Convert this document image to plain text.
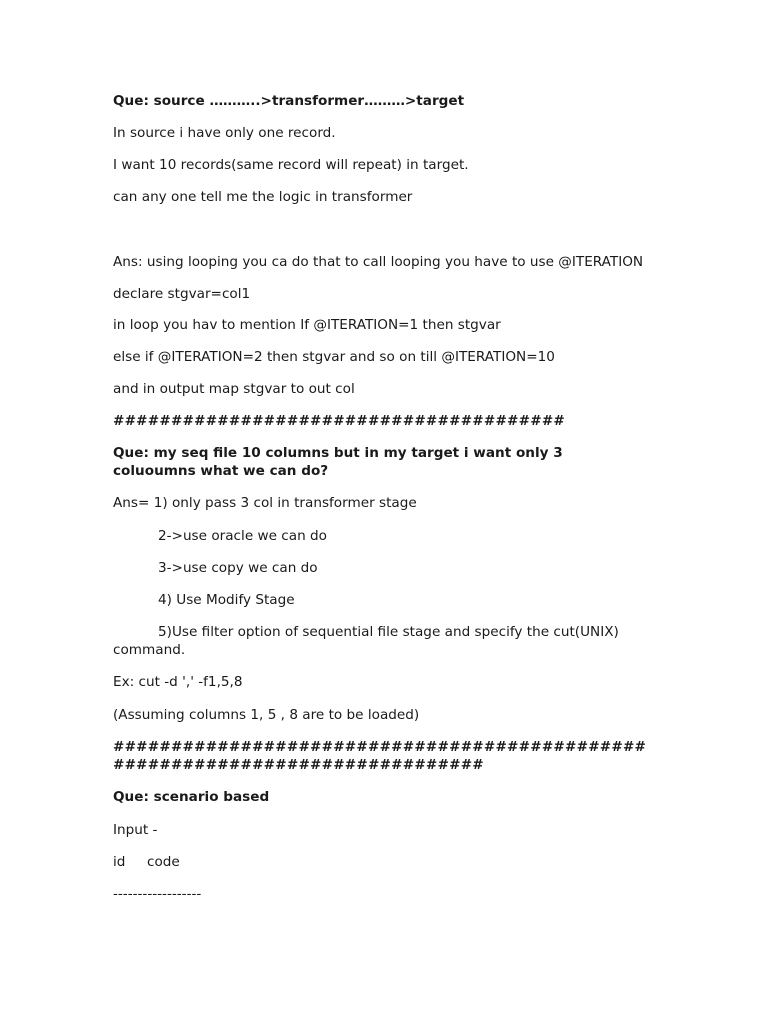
Que: source ………..>transformer………>target
In source i have only one record.
I want 10 records(same record will repeat) in target.
can any one tell me the logic in transformer
Ans: using looping you ca do that to call looping you have to use @ITERATION
declare stgvar=col1
in loop you hav to mention If @ITERATION=1 then stgvar
else if @ITERATION=2 then stgvar and so on till @ITERATION=10
and in output map stgvar to out col
#######################################
Que: my seq file 10 columns but in my target i want only 3
coluoumns what we can do?
Ans= 1) only pass 3 col in transformer stage
2->use oracle we can do
3->use copy we can do
4) Use Modify Stage
5)Use filter option of sequential file stage and specify the cut(UNIX)
command.
Ex: cut -d ',' -f1,5,8
(Assuming columns 1, 5 , 8 are to be loaded)
##############################################
################################
Que: scenario based
Input -
id     code
------------------
